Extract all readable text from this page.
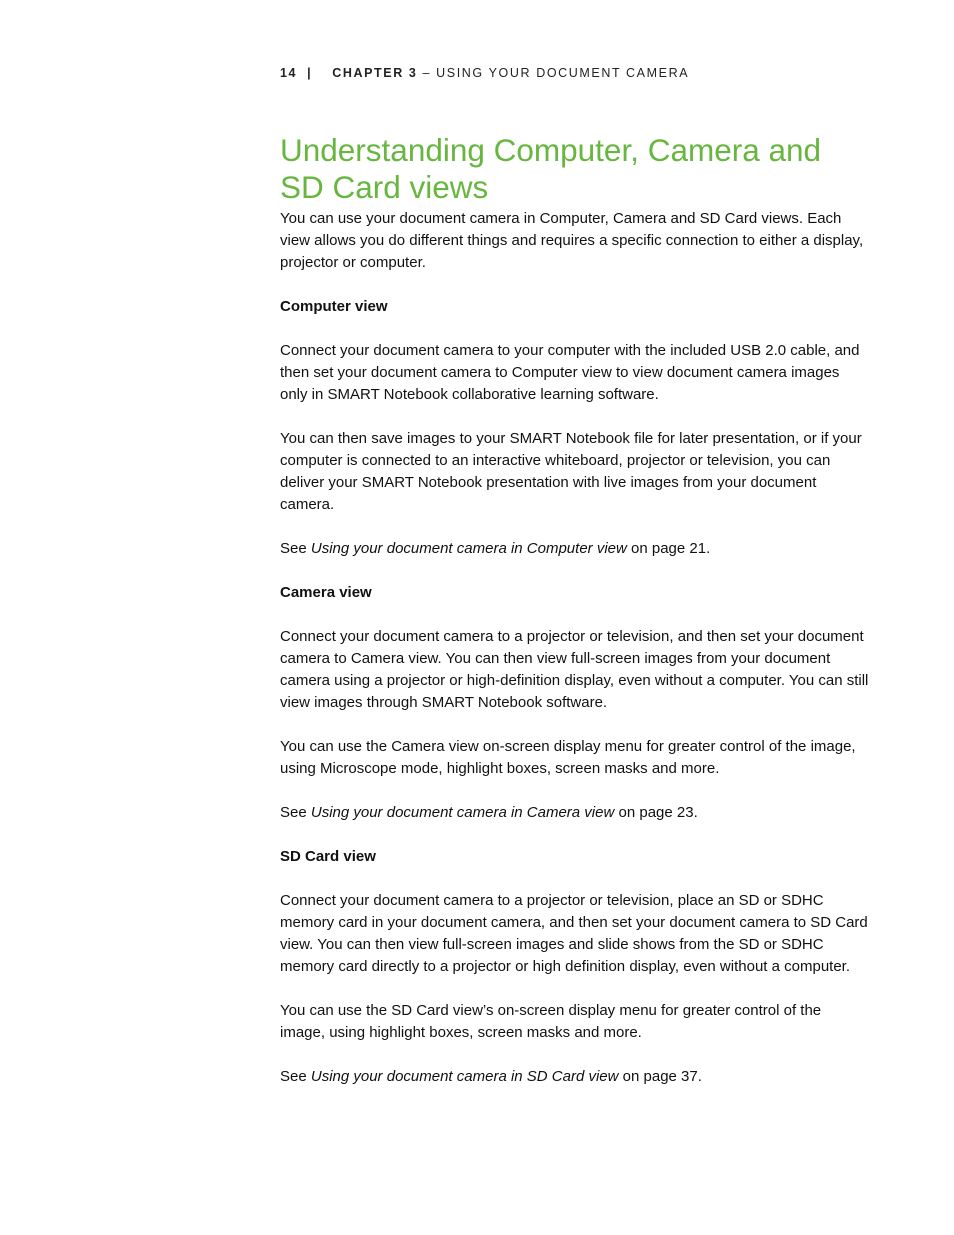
14 | CHAPTER 3 – USING YOUR DOCUMENT CAMERA
Understanding Computer, Camera and SD Card views

You can use your document camera in Computer, Camera and SD Card views. Each view allows you do different things and requires a specific connection to either a display, projector or computer.

Computer view

Connect your document camera to your computer with the included USB 2.0 cable, and then set your document camera to Computer view to view document camera images only in SMART Notebook collaborative learning software.

You can then save images to your SMART Notebook file for later presentation, or if your computer is connected to an interactive whiteboard, projector or television, you can deliver your SMART Notebook presentation with live images from your document camera.

See Using your document camera in Computer view on page 21.

Camera view

Connect your document camera to a projector or television, and then set your document camera to Camera view. You can then view full-screen images from your document camera using a projector or high-definition display, even without a computer. You can still view images through SMART Notebook software.

You can use the Camera view on-screen display menu for greater control of the image, using Microscope mode, highlight boxes, screen masks and more.

See Using your document camera in Camera view on page 23.

SD Card view

Connect your document camera to a projector or television, place an SD or SDHC memory card in your document camera, and then set your document camera to SD Card view. You can then view full-screen images and slide shows from the SD or SDHC memory card directly to a projector or high definition display, even without a computer.

You can use the SD Card view’s on-screen display menu for greater control of the image, using highlight boxes, screen masks and more.

See Using your document camera in SD Card view on page 37.
